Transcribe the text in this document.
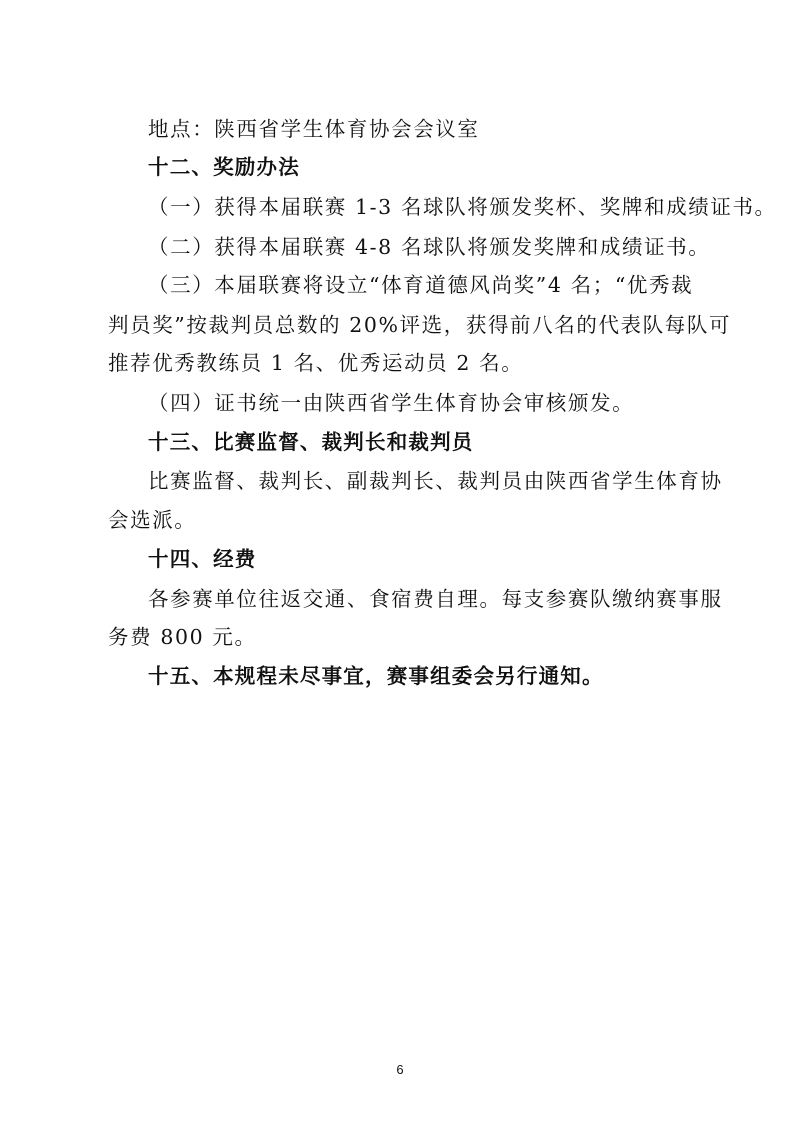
地点：陕西省学生体育协会会议室
十二、奖励办法
（一）获得本届联赛 1-3 名球队将颁发奖杯、奖牌和成绩证书。
（二）获得本届联赛 4-8 名球队将颁发奖牌和成绩证书。
（三）本届联赛将设立“体育道德风尚奖”4 名；“优秀裁
判员奖”按裁判员总数的 20%评选，获得前八名的代表队每队可
推荐优秀教练员 1 名、优秀运动员 2 名。
（四）证书统一由陕西省学生体育协会审核颁发。
十三、比赛监督、裁判长和裁判员
比赛监督、裁判长、副裁判长、裁判员由陕西省学生体育协
会选派。
十四、经费
各参赛单位往返交通、食宿费自理。每支参赛队缴纳赛事服
务费 800 元。
十五、本规程未尽事宜，赛事组委会另行通知。
6
